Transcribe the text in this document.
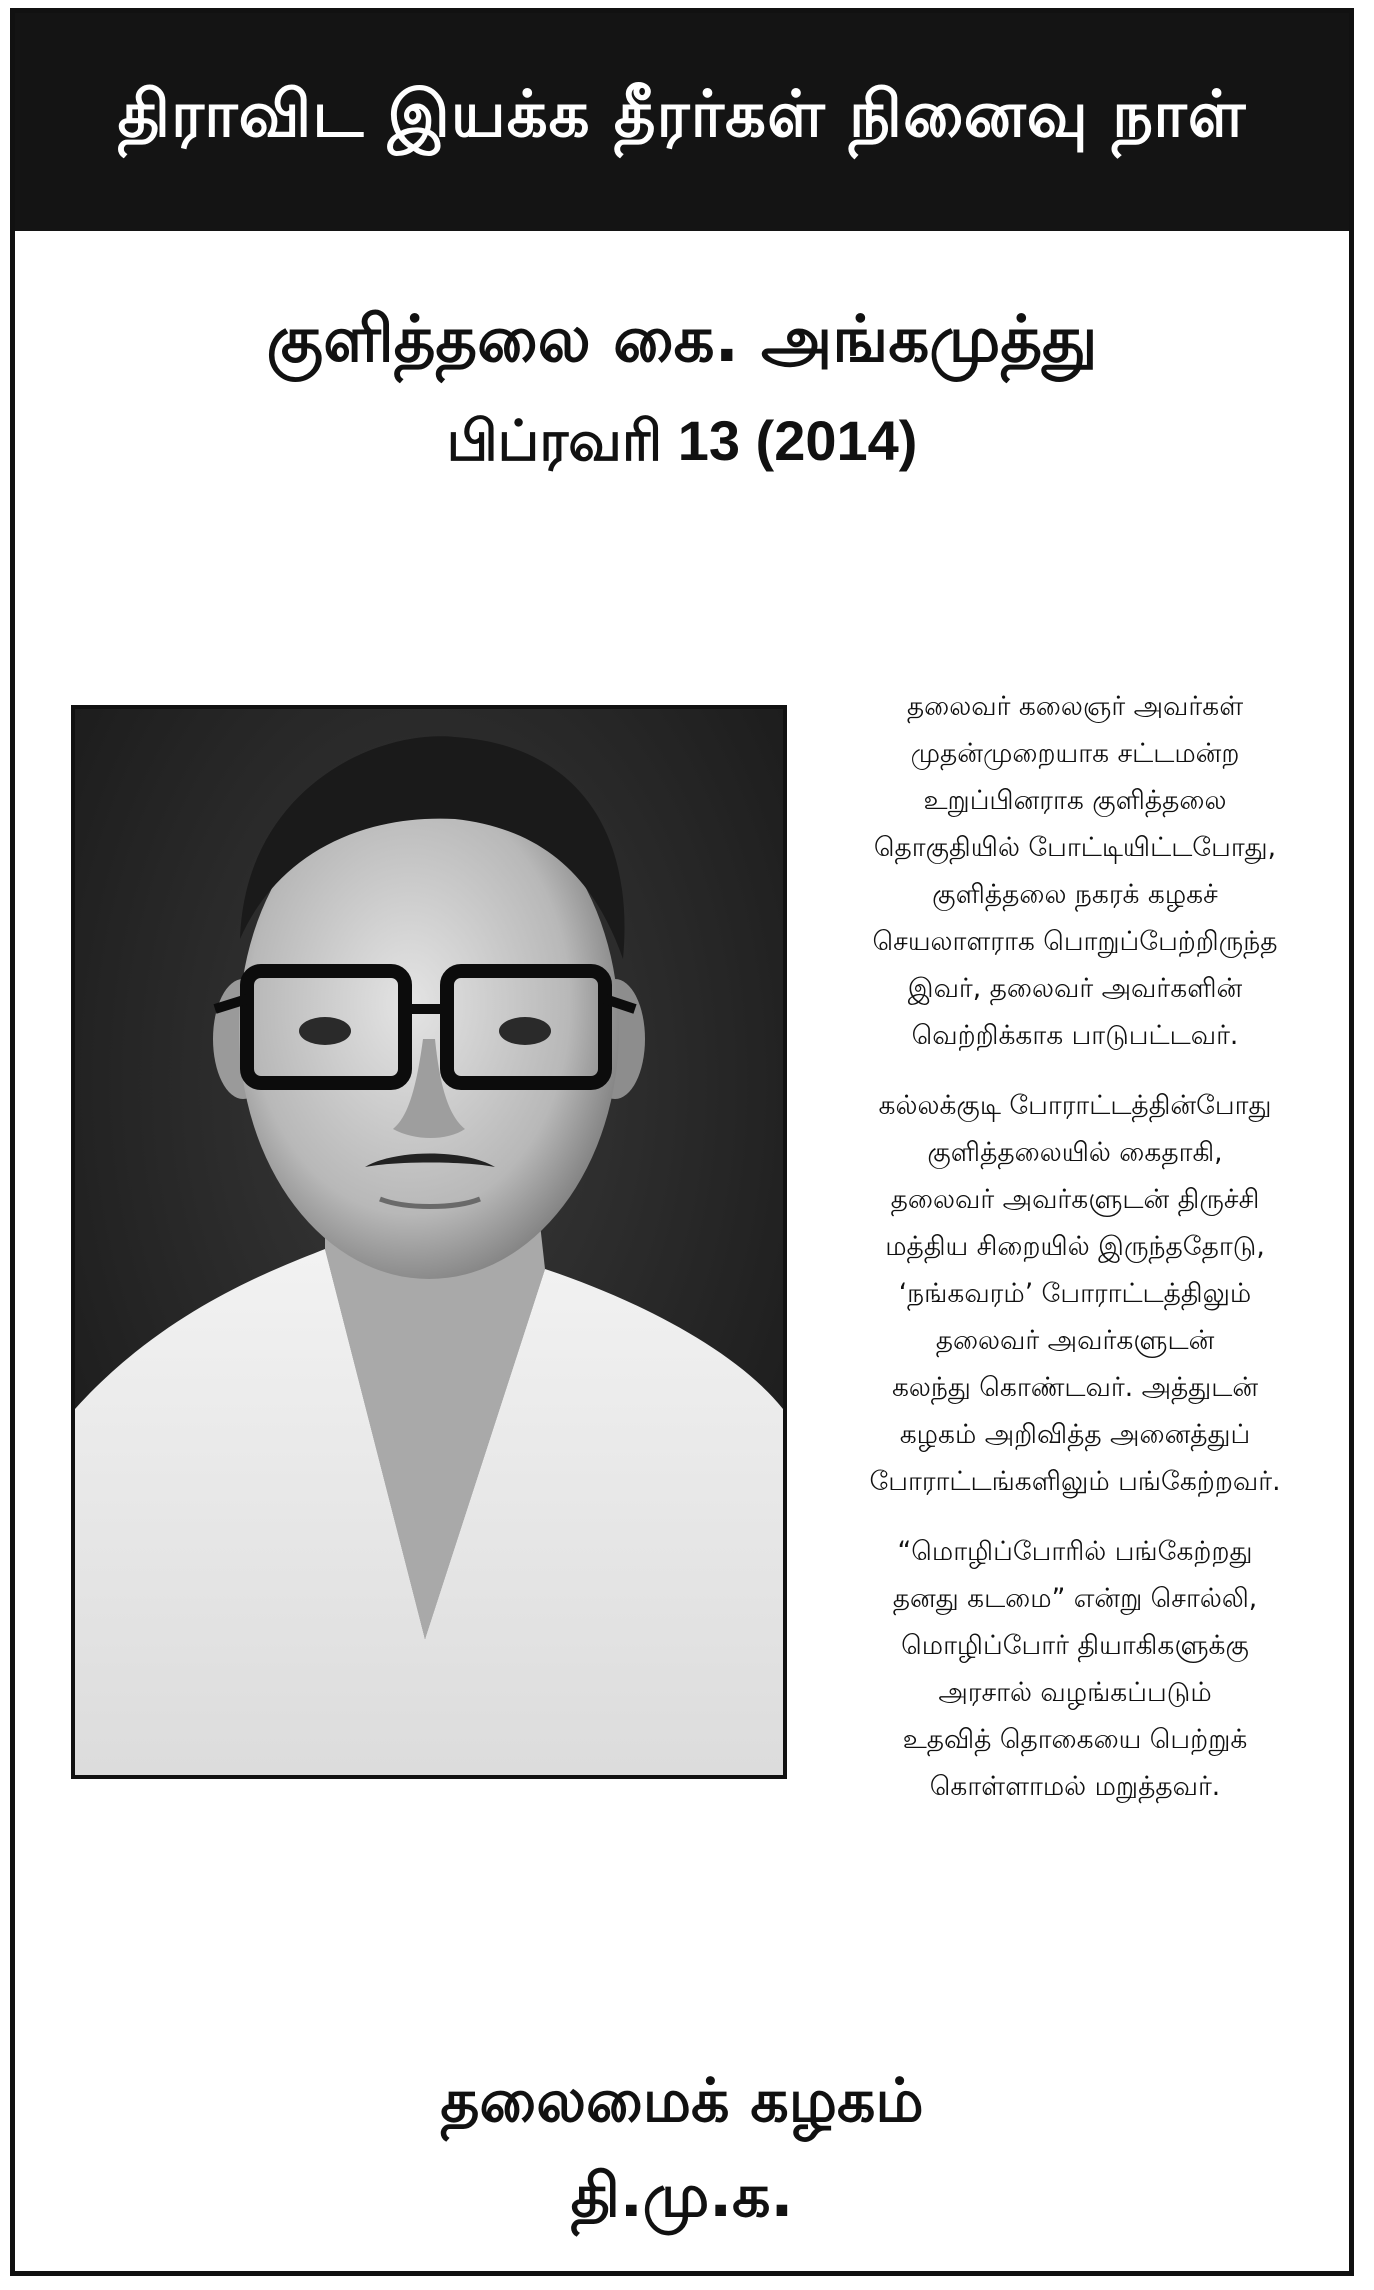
திராவிட இயக்க தீரர்கள் நினைவு நாள்
குளித்தலை கை. அங்கமுத்து
பிப்ரவரி 13 (2014)

தலைவர் கலைஞர் அவர்கள்
முதன்முறையாக சட்டமன்ற
உறுப்பினராக குளித்தலை
தொகுதியில் போட்டியிட்டபோது,
குளித்தலை நகரக் கழகச்
செயலாளராக பொறுப்பேற்றிருந்த
இவர், தலைவர் அவர்களின்
வெற்றிக்காக பாடுபட்டவர்.

கல்லக்குடி போராட்டத்தின்போது
குளித்தலையில் கைதாகி,
தலைவர் அவர்களுடன் திருச்சி
மத்திய சிறையில் இருந்ததோடு,
‘நங்கவரம்’ போராட்டத்திலும்
தலைவர் அவர்களுடன்
கலந்து கொண்டவர். அத்துடன்
கழகம் அறிவித்த அனைத்துப்
போராட்டங்களிலும் பங்கேற்றவர்.

“மொழிப்போரில் பங்கேற்றது
தனது கடமை” என்று சொல்லி,
மொழிப்போர் தியாகிகளுக்கு
அரசால் வழங்கப்படும்
உதவித் தொகையை பெற்றுக்
கொள்ளாமல் மறுத்தவர்.

தலைமைக் கழகம்
தி.மு.க.
